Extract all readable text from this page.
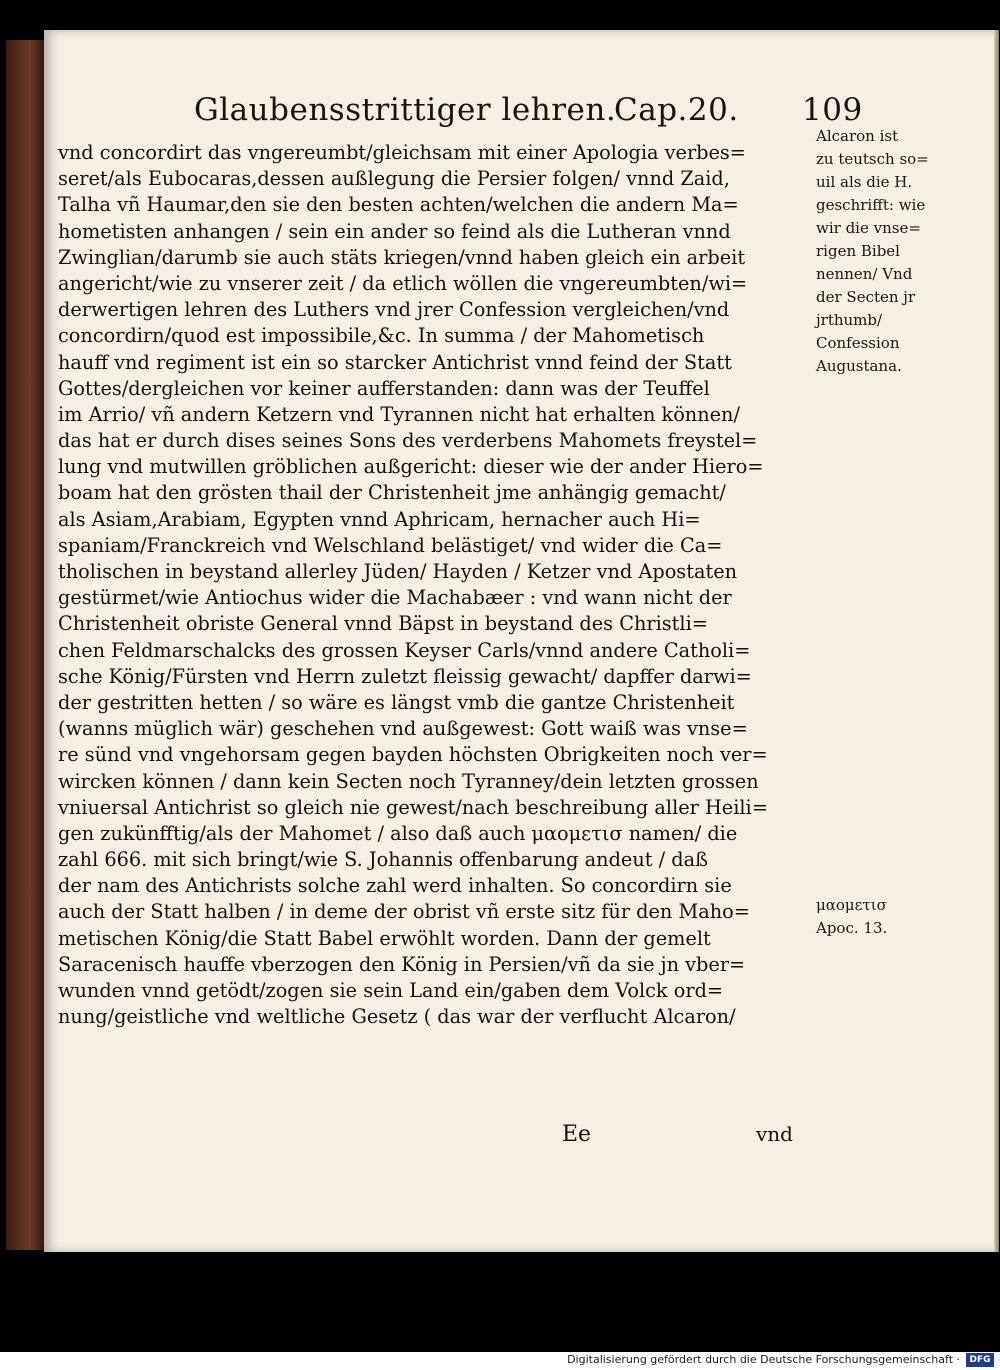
Glaubensstrittiger lehren.
Cap.20. 109
vnd concordirt das vngereumbt/gleichsam mit einer Apologia verbes=
seret/als Eubocaras,dessen außlegung die Persier folgen/ vnnd Zaid,
Talha vñ Haumar,den sie den besten achten/welchen die andern Ma=
hometisten anhangen / sein ein ander so feind als die Lutheran vnnd
Zwinglian/darumb sie auch stäts kriegen/vnnd haben gleich ein arbeit
angericht/wie zu vnserer zeit / da etlich wöllen die vngereumbten/wi=
derwertigen lehren des Luthers vnd jrer Confession vergleichen/vnd
concordirn/quod est impossibile,&c. In summa / der Mahometisch
hauff vnd regiment ist ein so starcker Antichrist vnnd feind der Statt
Gottes/dergleichen vor keiner aufferstanden: dann was der Teuffel
im Arrio/ vñ andern Ketzern vnd Tyrannen nicht hat erhalten können/
das hat er durch dises seines Sons des verderbens Mahomets freystel=
lung vnd mutwillen gröblichen außgericht: dieser wie der ander Hiero=
boam hat den grösten thail der Christenheit jme anhängig gemacht/
als Asiam,Arabiam, Egypten vnnd Aphricam, hernacher auch Hi=
spaniam/Franckreich vnd Welschland belästiget/ vnd wider die Ca=
tholischen in beystand allerley Jüden/ Hayden / Ketzer vnd Apostaten
gestürmet/wie Antiochus wider die Machabæer : vnd wann nicht der
Christenheit obriste General vnnd Bäpst in beystand des Christli=
chen Feldmarschalcks des grossen Keyser Carls/vnnd andere Catholi=
sche König/Fürsten vnd Herrn zuletzt fleissig gewacht/ dapffer darwi=
der gestritten hetten / so wäre es längst vmb die gantze Christenheit
(wanns müglich wär) geschehen vnd außgewest: Gott waiß was vnse=
re sünd vnd vngehorsam gegen bayden höchsten Obrigkeiten noch ver=
wircken können / dann kein Secten noch Tyranney/dein letzten grossen
vniuersal Antichrist so gleich nie gewest/nach beschreibung aller Heili=
gen zukünfftig/als der Mahomet / also daß auch μαομετισ namen/ die
zahl 666. mit sich bringt/wie S. Johannis offenbarung andeut / daß
der nam des Antichrists solche zahl werd inhalten. So concordirn sie
auch der Statt halben / in deme der obrist vñ erste sitz für den Maho=
metischen König/die Statt Babel erwöhlt worden. Dann der gemelt
Saracenisch hauffe vberzogen den König in Persien/vñ da sie jn vber=
wunden vnnd getödt/zogen sie sein Land ein/gaben dem Volck ord=
nung/geistliche vnd weltliche Gesetz ( das war der verflucht Alcaron/
Alcaron ist
zu teutsch so=
uil als die H.
geschrifft: wie
wir die vnse=
rigen Bibel
nennen/ Vnd
der Secten jr
jrthumb/
Confession
Augustana.
μαομετισ
Apoc. 13.
Ee	vnd
Digitalisierung gefördert durch die Deutsche Forschungsgemeinschaft ·	DFG
